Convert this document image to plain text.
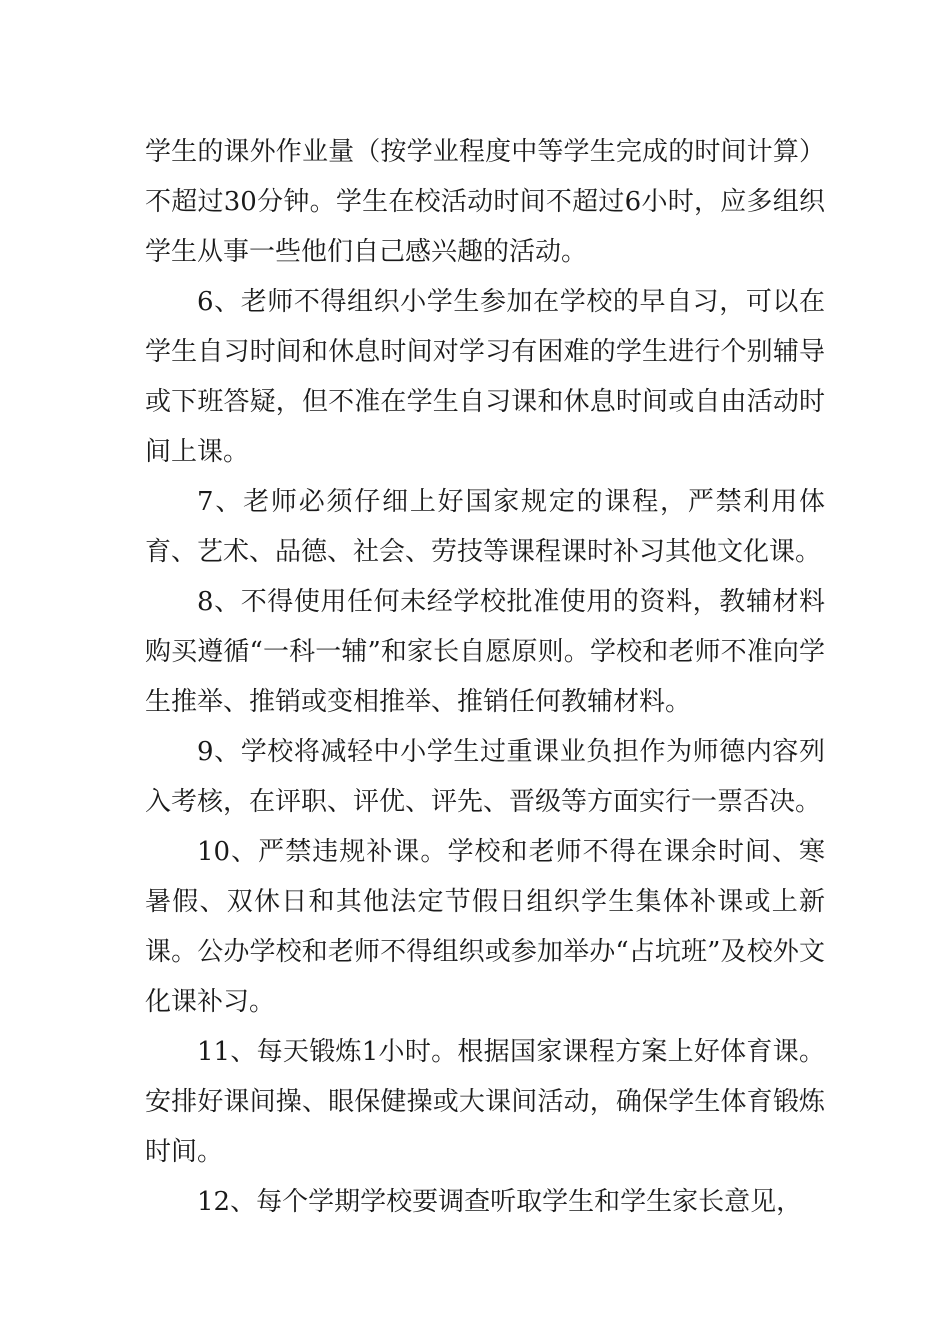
学生的课外作业量（按学业程度中等学生完成的时间计算）不超过30分钟。学生在校活动时间不超过6小时，应多组织学生从事一些他们自己感兴趣的活动。

6、老师不得组织小学生参加在学校的早自习，可以在学生自习时间和休息时间对学习有困难的学生进行个别辅导或下班答疑，但不准在学生自习课和休息时间或自由活动时间上课。

7、老师必须仔细上好国家规定的课程，严禁利用体育、艺术、品德、社会、劳技等课程课时补习其他文化课。

8、不得使用任何未经学校批准使用的资料，教辅材料购买遵循“一科一辅”和家长自愿原则。学校和老师不准向学生推举、推销或变相推举、推销任何教辅材料。

9、学校将减轻中小学生过重课业负担作为师德内容列入考核，在评职、评优、评先、晋级等方面实行一票否决。

10、严禁违规补课。学校和老师不得在课余时间、寒暑假、双休日和其他法定节假日组织学生集体补课或上新课。公办学校和老师不得组织或参加举办“占坑班”及校外文化课补习。

11、每天锻炼1小时。根据国家课程方案上好体育课。安排好课间操、眼保健操或大课间活动，确保学生体育锻炼时间。

12、每个学期学校要调查听取学生和学生家长意见，
